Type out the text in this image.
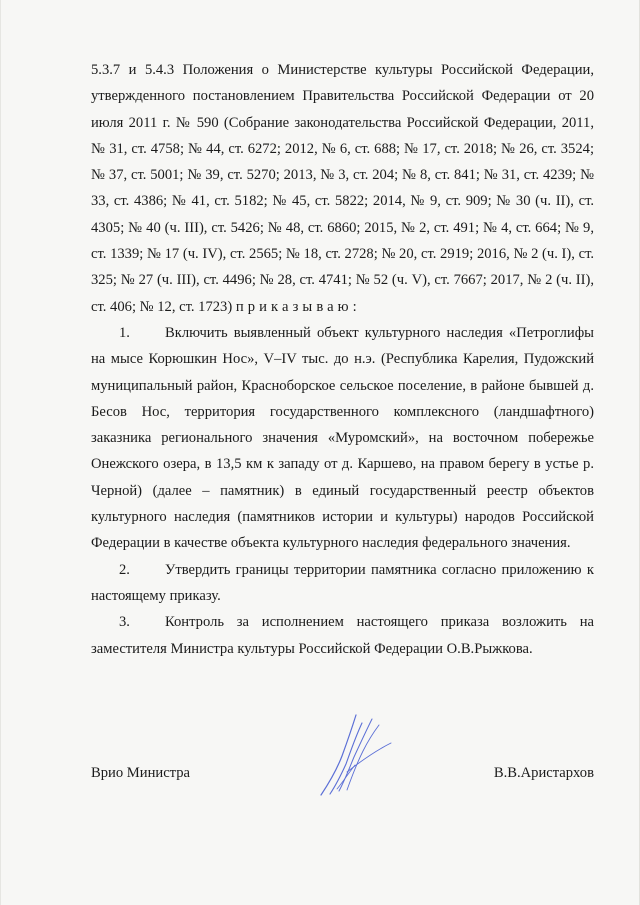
5.3.7 и 5.4.3 Положения о Министерстве культуры Российской Федерации, утвержденного постановлением Правительства Российской Федерации от 20 июля 2011 г. № 590 (Собрание законодательства Российской Федерации, 2011, № 31, ст. 4758; № 44, ст. 6272; 2012, № 6, ст. 688; № 17, ст. 2018; № 26, ст. 3524; № 37, ст. 5001; № 39, ст. 5270; 2013, № 3, ст. 204; № 8, ст. 841; № 31, ст. 4239; № 33, ст. 4386; № 41, ст. 5182; № 45, ст. 5822; 2014, № 9, ст. 909; № 30 (ч. II), ст. 4305; № 40 (ч. III), ст. 5426; № 48, ст. 6860; 2015, № 2, ст. 491; № 4, ст. 664; № 9, ст. 1339; № 17 (ч. IV), ст. 2565; № 18, ст. 2728; № 20, ст. 2919; 2016, № 2 (ч. I), ст. 325; № 27 (ч. III), ст. 4496; № 28, ст. 4741; № 52 (ч. V), ст. 7667; 2017, № 2 (ч. II), ст. 406; № 12, ст. 1723) приказываю:

1. Включить выявленный объект культурного наследия «Петроглифы на мысе Корюшкин Нос», V–IV тыс. до н.э. (Республика Карелия, Пудожский муниципальный район, Красноборское сельское поселение, в районе бывшей д. Бесов Нос, территория государственного комплексного (ландшафтного) заказника регионального значения «Муромский», на восточном побережье Онежского озера, в 13,5 км к западу от д. Каршево, на правом берегу в устье р. Черной) (далее – памятник) в единый государственный реестр объектов культурного наследия (памятников истории и культуры) народов Российской Федерации в качестве объекта культурного наследия федерального значения.

2. Утвердить границы территории памятника согласно приложению к настоящему приказу.

3. Контроль за исполнением настоящего приказа возложить на заместителя Министра культуры Российской Федерации О.В.Рыжкова.

Врио Министра	В.В.Аристархов
